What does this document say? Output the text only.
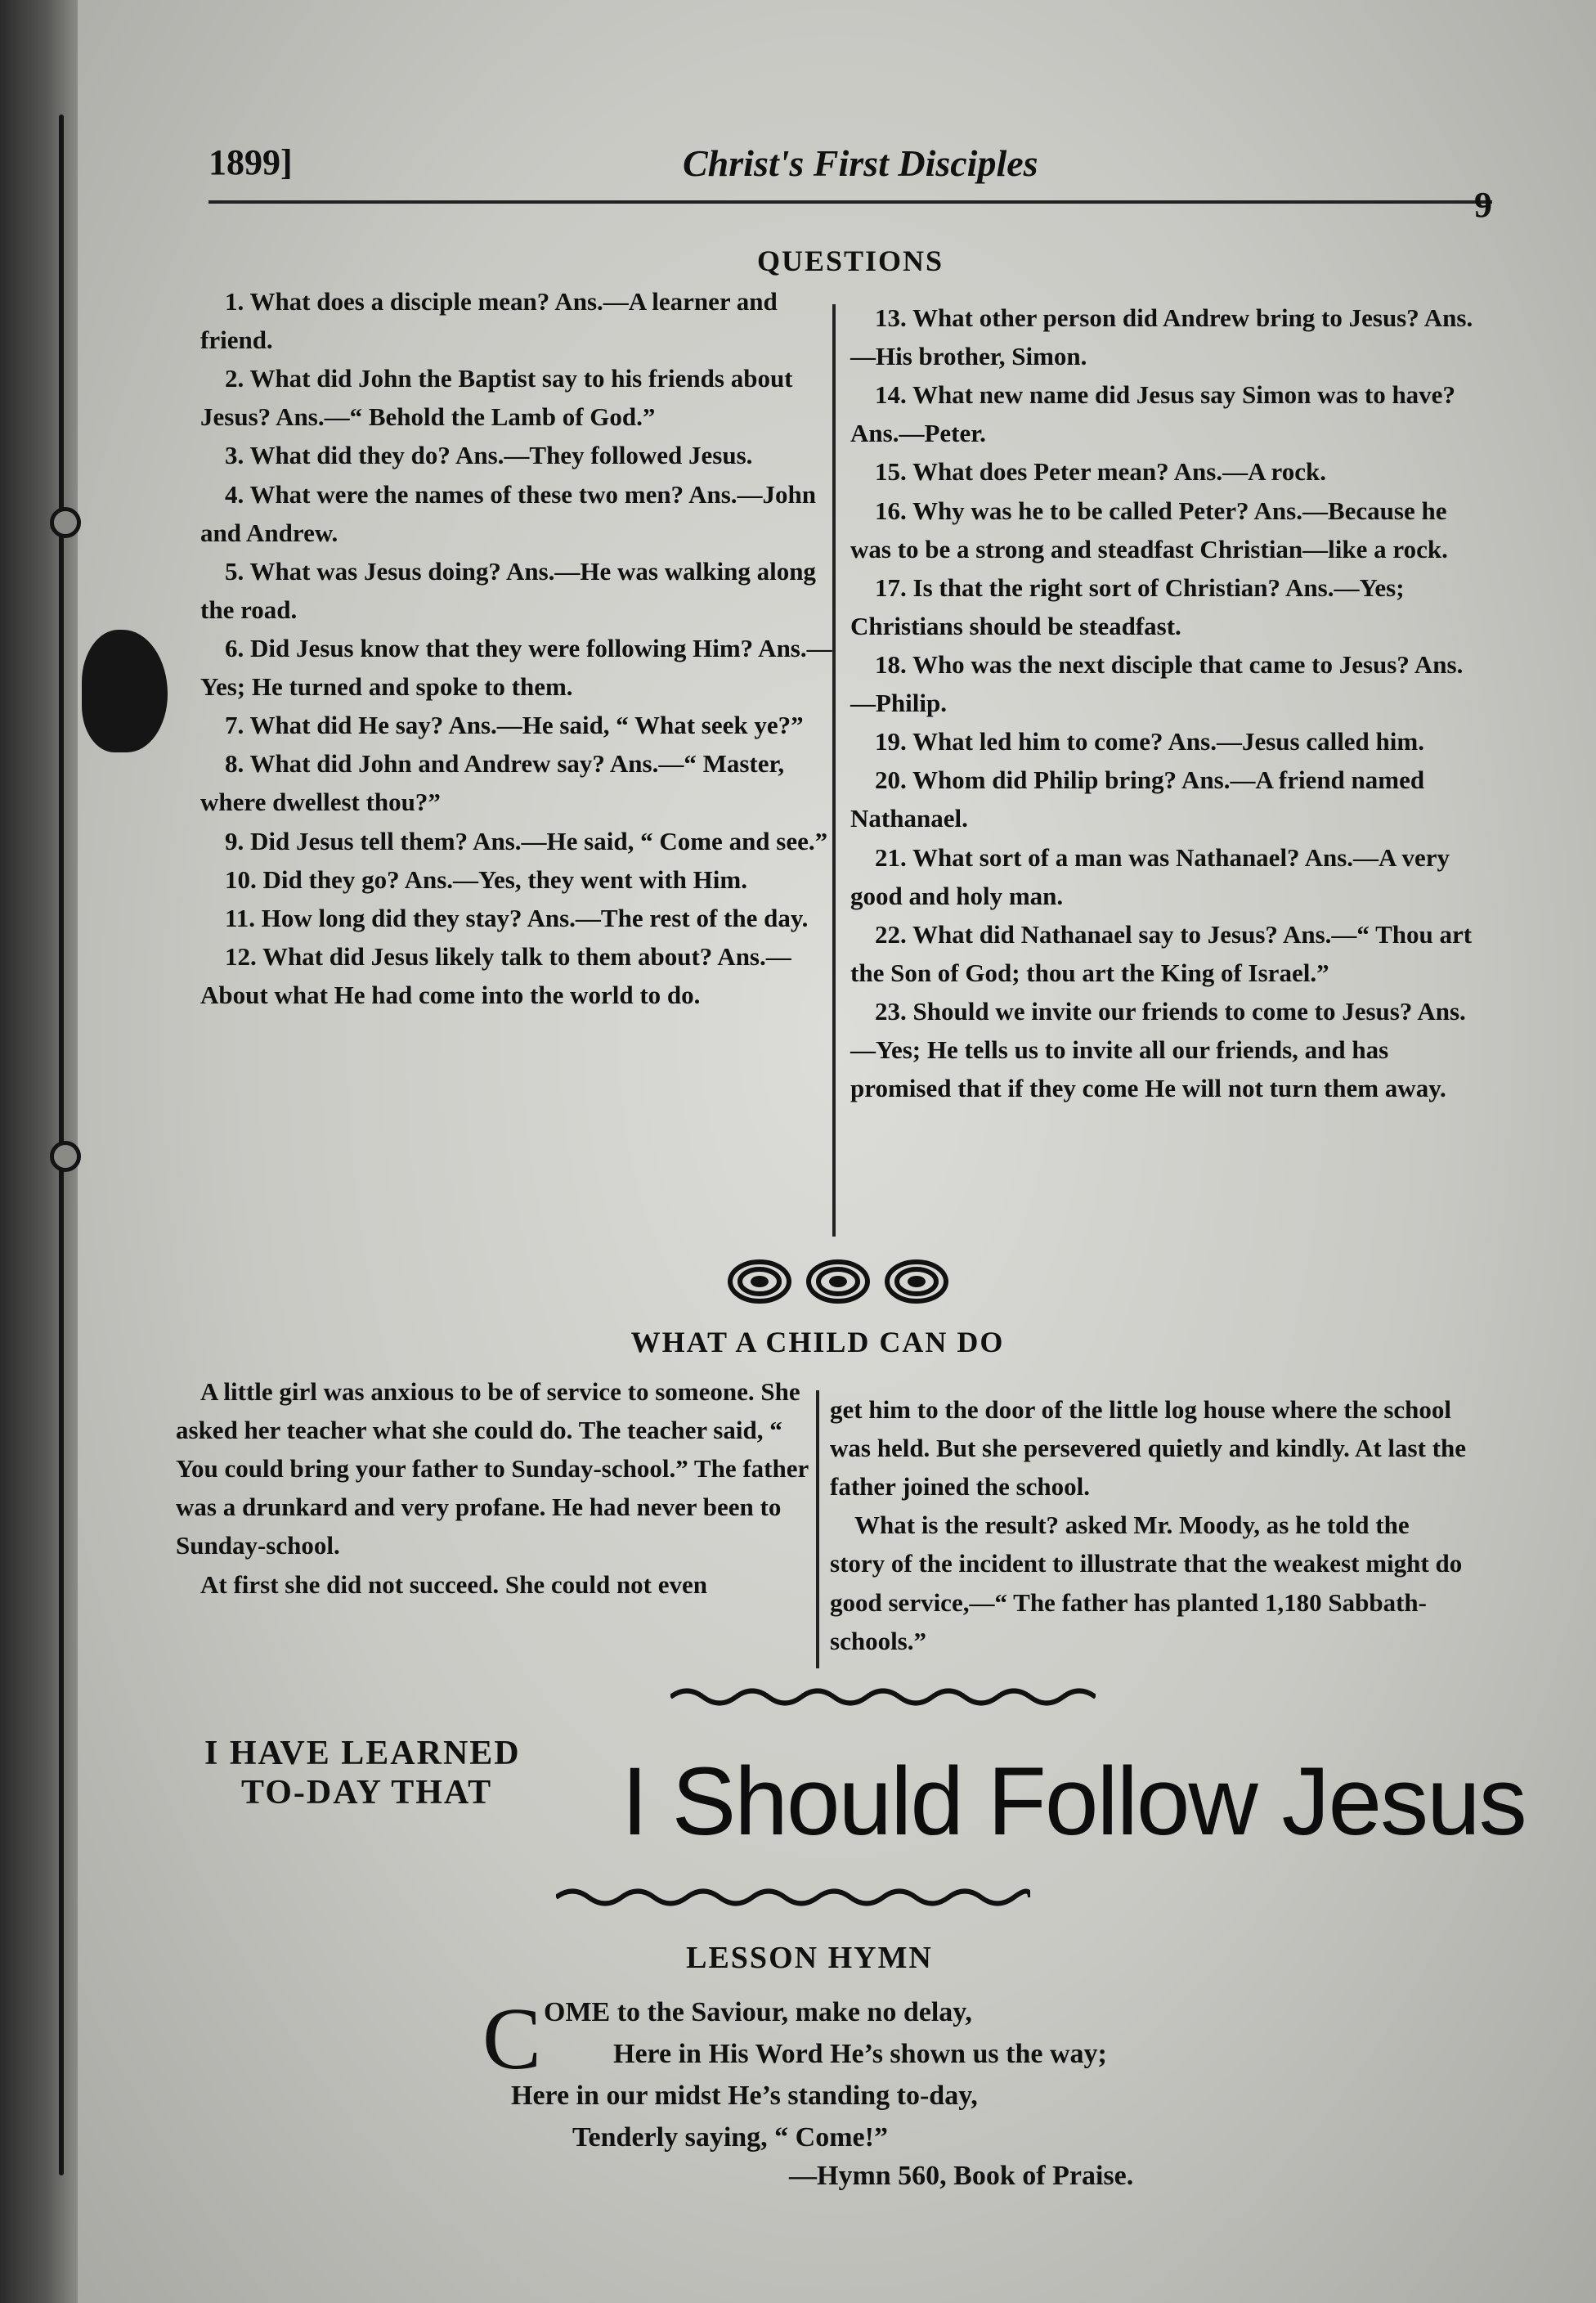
1899]	Christ's First Disciples
9
QUESTIONS

1. What does a disciple mean? Ans.—A learner and friend.

2. What did John the Baptist say to his friends about Jesus? Ans.—“ Behold the Lamb of God.”

3. What did they do? Ans.—They followed Jesus.

4. What were the names of these two men? Ans.—John and Andrew.

5. What was Jesus doing? Ans.—He was walking along the road.

6. Did Jesus know that they were following Him? Ans.—Yes; He turned and spoke to them.

7. What did He say? Ans.—He said, “ What seek ye?”

8. What did John and Andrew say? Ans.—“ Master, where dwellest thou?”

9. Did Jesus tell them? Ans.—He said, “ Come and see.”

10. Did they go? Ans.—Yes, they went with Him.

11. How long did they stay? Ans.—The rest of the day.

12. What did Jesus likely talk to them about? Ans.—About what He had come into the world to do.

13. What other person did Andrew bring to Jesus? Ans.—His brother, Simon.

14. What new name did Jesus say Simon was to have? Ans.—Peter.

15. What does Peter mean? Ans.—A rock.

16. Why was he to be called Peter? Ans.—Because he was to be a strong and steadfast Christian—like a rock.

17. Is that the right sort of Christian? Ans.—Yes; Christians should be steadfast.

18. Who was the next disciple that came to Jesus? Ans.—Philip.

19. What led him to come? Ans.—Jesus called him.

20. Whom did Philip bring? Ans.—A friend named Nathanael.

21. What sort of a man was Nathanael? Ans.—A very good and holy man.

22. What did Nathanael say to Jesus? Ans.—“ Thou art the Son of God; thou art the King of Israel.”

23. Should we invite our friends to come to Jesus? Ans.—Yes; He tells us to invite all our friends, and has promised that if they come He will not turn them away.

WHAT A CHILD CAN DO

A little girl was anxious to be of service to someone. She asked her teacher what she could do. The teacher said, “ You could bring your father to Sunday-school.” The father was a drunkard and very profane. He had never been to Sunday-school.

At first she did not succeed. She could not even

get him to the door of the little log house where the school was held. But she persevered quietly and kindly. At last the father joined the school.

What is the result? asked Mr. Moody, as he told the story of the incident to illustrate that the weakest might do good service,—“ The father has planted 1,180 Sabbath-schools.”

I HAVE LEARNED
TO-DAY THAT I Should Follow Jesus
LESSON HYMN
C OME to the Saviour, make no delay,

Here in His Word He’s shown us the way;

Here in our midst He’s standing to-day,

Tenderly saying, “ Come!”

—Hymn 560, Book of Praise.
